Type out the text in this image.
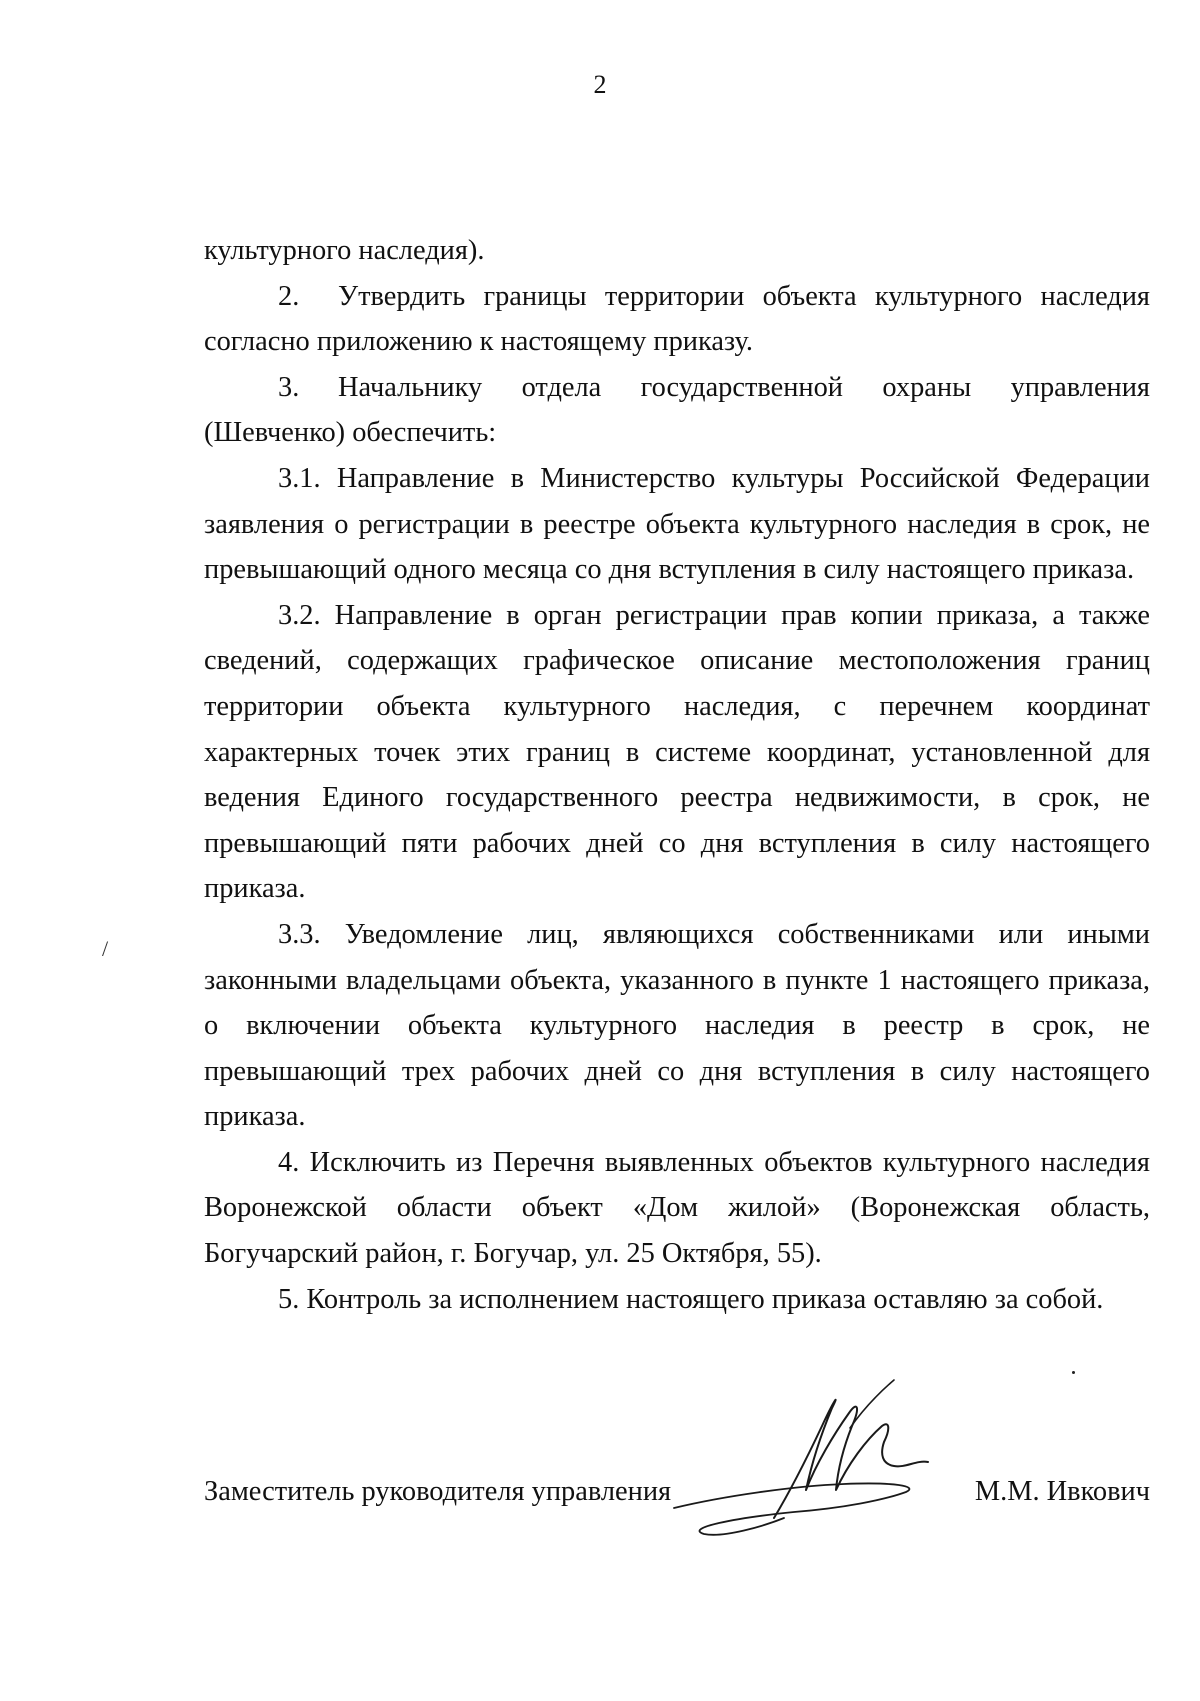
2
/

культурного наследия).

2. Утвердить границы территории объекта культурного наследия согласно приложению к настоящему приказу.

3. Начальнику отдела государственной охраны управления (Шевченко) обеспечить:

3.1. Направление в Министерство культуры Российской Федерации заявления о регистрации в реестре объекта культурного наследия в срок, не превышающий одного месяца со дня вступления в силу настоящего приказа.

3.2. Направление в орган регистрации прав копии приказа, а также сведений, содержащих графическое описание местоположения границ территории объекта культурного наследия, с перечнем координат характерных точек этих границ в системе координат, установленной для ведения Единого государственного реестра недвижимости, в срок, не превышающий пяти рабочих дней со дня вступления в силу настоящего приказа.

3.3. Уведомление лиц, являющихся собственниками или иными законными владельцами объекта, указанного в пункте 1 настоящего приказа, о включении объекта культурного наследия в реестр в срок, не превышающий трех рабочих дней со дня вступления в силу настоящего приказа.

4. Исключить из Перечня выявленных объектов культурного наследия Воронежской области объект «Дом жилой» (Воронежская область, Богучарский район, г. Богучар, ул. 25 Октября, 55).

5. Контроль за исполнением настоящего приказа оставляю за собой.

Заместитель руководителя управления	М.М. Ивкович
